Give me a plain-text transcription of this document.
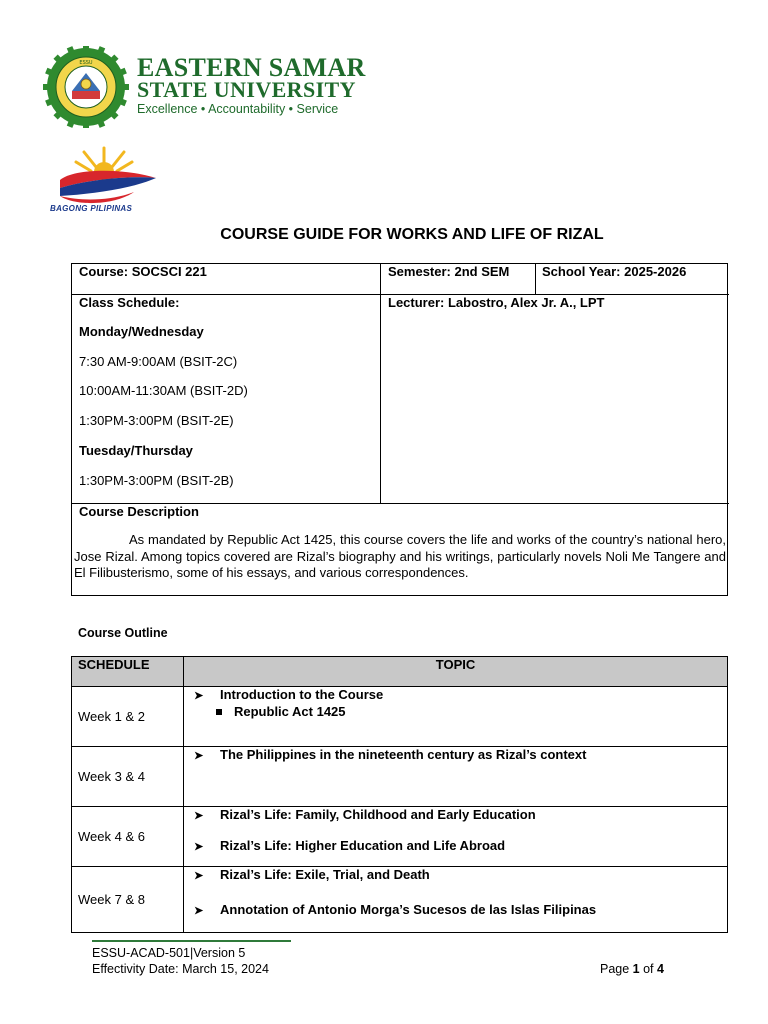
ESSU EASTERN SAMAR
STATE UNIVERSITY
Excellence • Accountability • Service
BAGONG PILIPINAS
COURSE GUIDE FOR WORKS AND LIFE OF RIZAL
Course: SOCSCI 221	Semester: 2nd SEM	School Year: 2025-2026
Class Schedule:
Monday/Wednesday
7:30 AM-9:00AM (BSIT-2C)
10:00AM-11:30AM (BSIT-2D)
1:30PM-3:00PM (BSIT-2E)
Tuesday/Thursday
1:30PM-3:00PM (BSIT-2B)
Lecturer: Labostro, Alex Jr. A., LPT
Course Description
As mandated by Republic Act 1425, this course covers the life and works of the country’s national hero, Jose Rizal. Among topics covered are Rizal’s biography and his writings, particularly novels Noli Me Tangere and El Filibusterismo, some of his essays, and various correspondences.
Course Outline
SCHEDULE	TOPIC
Week 1 & 2	➤ Introduction to the Course
Republic Act 1425

Week 3 & 4	➤ The Philippines in the nineteenth century as Rizal’s context

Week 4 & 6	➤ Rizal’s Life: Family, Childhood and Early Education
➤ Rizal’s Life: Higher Education and Life Abroad

Week 7 & 8	➤ Rizal’s Life: Exile, Trial, and Death
➤ Annotation of Antonio Morga’s Sucesos de las Islas Filipinas
ESSU-ACAD-501|Version 5
Effectivity Date: March 15, 2024	Page 1 of 4
